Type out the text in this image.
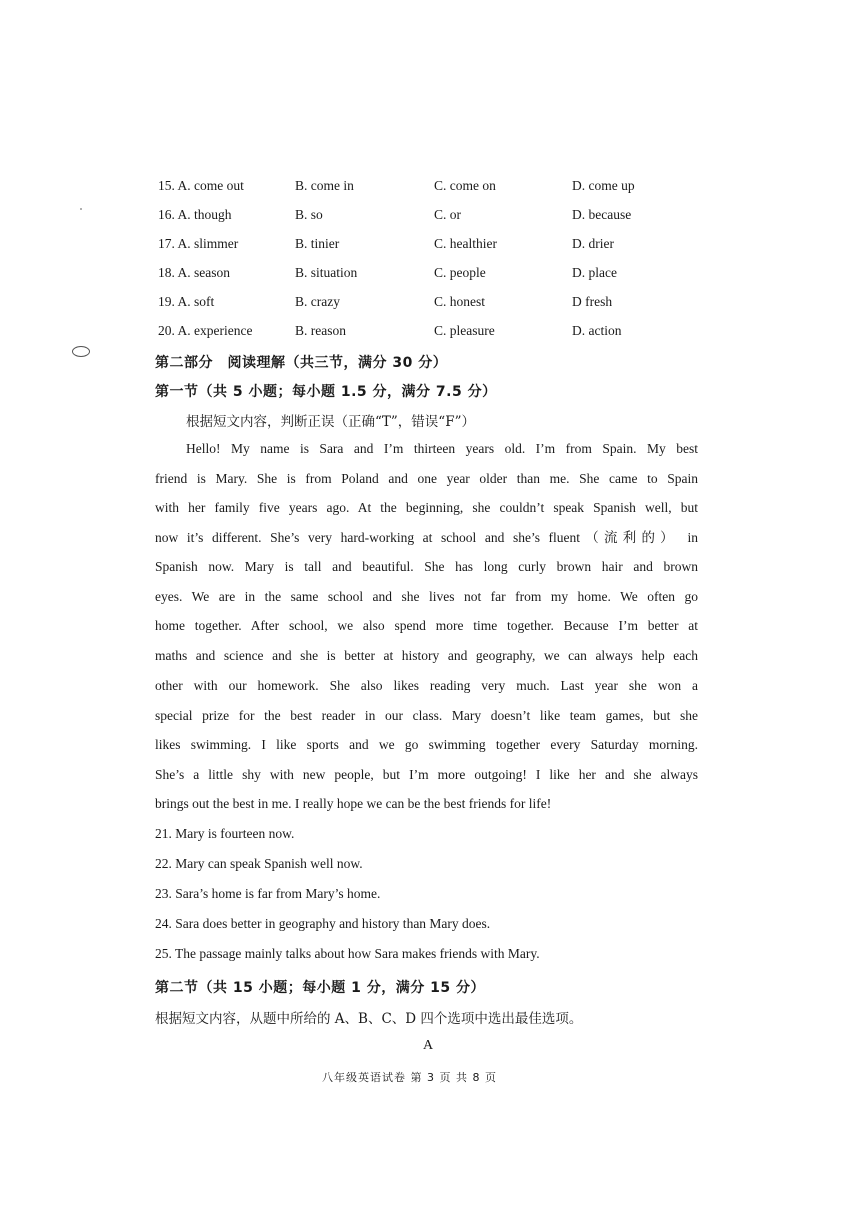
15. A. come out	B. come in	C. come on	D. come up
16. A. though	B. so	C. or	D. because
17. A. slimmer	B. tinier	C. healthier	D. drier
18. A. season	B. situation	C. people	D. place
19. A. soft	B. crazy	C. honest	D fresh
20. A. experience	B. reason	C. pleasure	D. action
第二部分　阅读理解（共三节，满分 30 分）
第一节（共 5 小题；每小题 1.5 分，满分 7.5 分）
根据短文内容，判断正误（正确“T”，错误“F”）
Hello! My name is Sara and I’m thirteen years old. I’m from Spain. My best
friend is Mary. She is from Poland and one year older than me. She came to Spain
with her family five years ago. At the beginning, she couldn’t speak Spanish well, but
now it’s different. She’s very hard-working at school and she’s fluent（流利的） in
Spanish now. Mary is tall and beautiful. She has long curly brown hair and brown
eyes. We are in the same school and she lives not far from my home. We often go
home together. After school, we also spend more time together. Because I’m better at
maths and science and she is better at history and geography, we can always help each
other with our homework. She also likes reading very much. Last year she won a
special prize for the best reader in our class. Mary doesn’t like team games, but she
likes swimming. I like sports and we go swimming together every Saturday morning.
She’s a little shy with new people, but I’m more outgoing! I like her and she always
brings out the best in me. I really hope we can be the best friends for life!
21. Mary is fourteen now.
22. Mary can speak Spanish well now.
23. Sara’s home is far from Mary’s home.
24. Sara does better in geography and history than Mary does.
25. The passage mainly talks about how Sara makes friends with Mary.
第二节（共 15 小题；每小题 1 分，满分 15 分）
根据短文内容，从题中所给的 A、B、C、D 四个选项中选出最佳选项。
A
八年级英语试卷 第 3 页 共 8 页
